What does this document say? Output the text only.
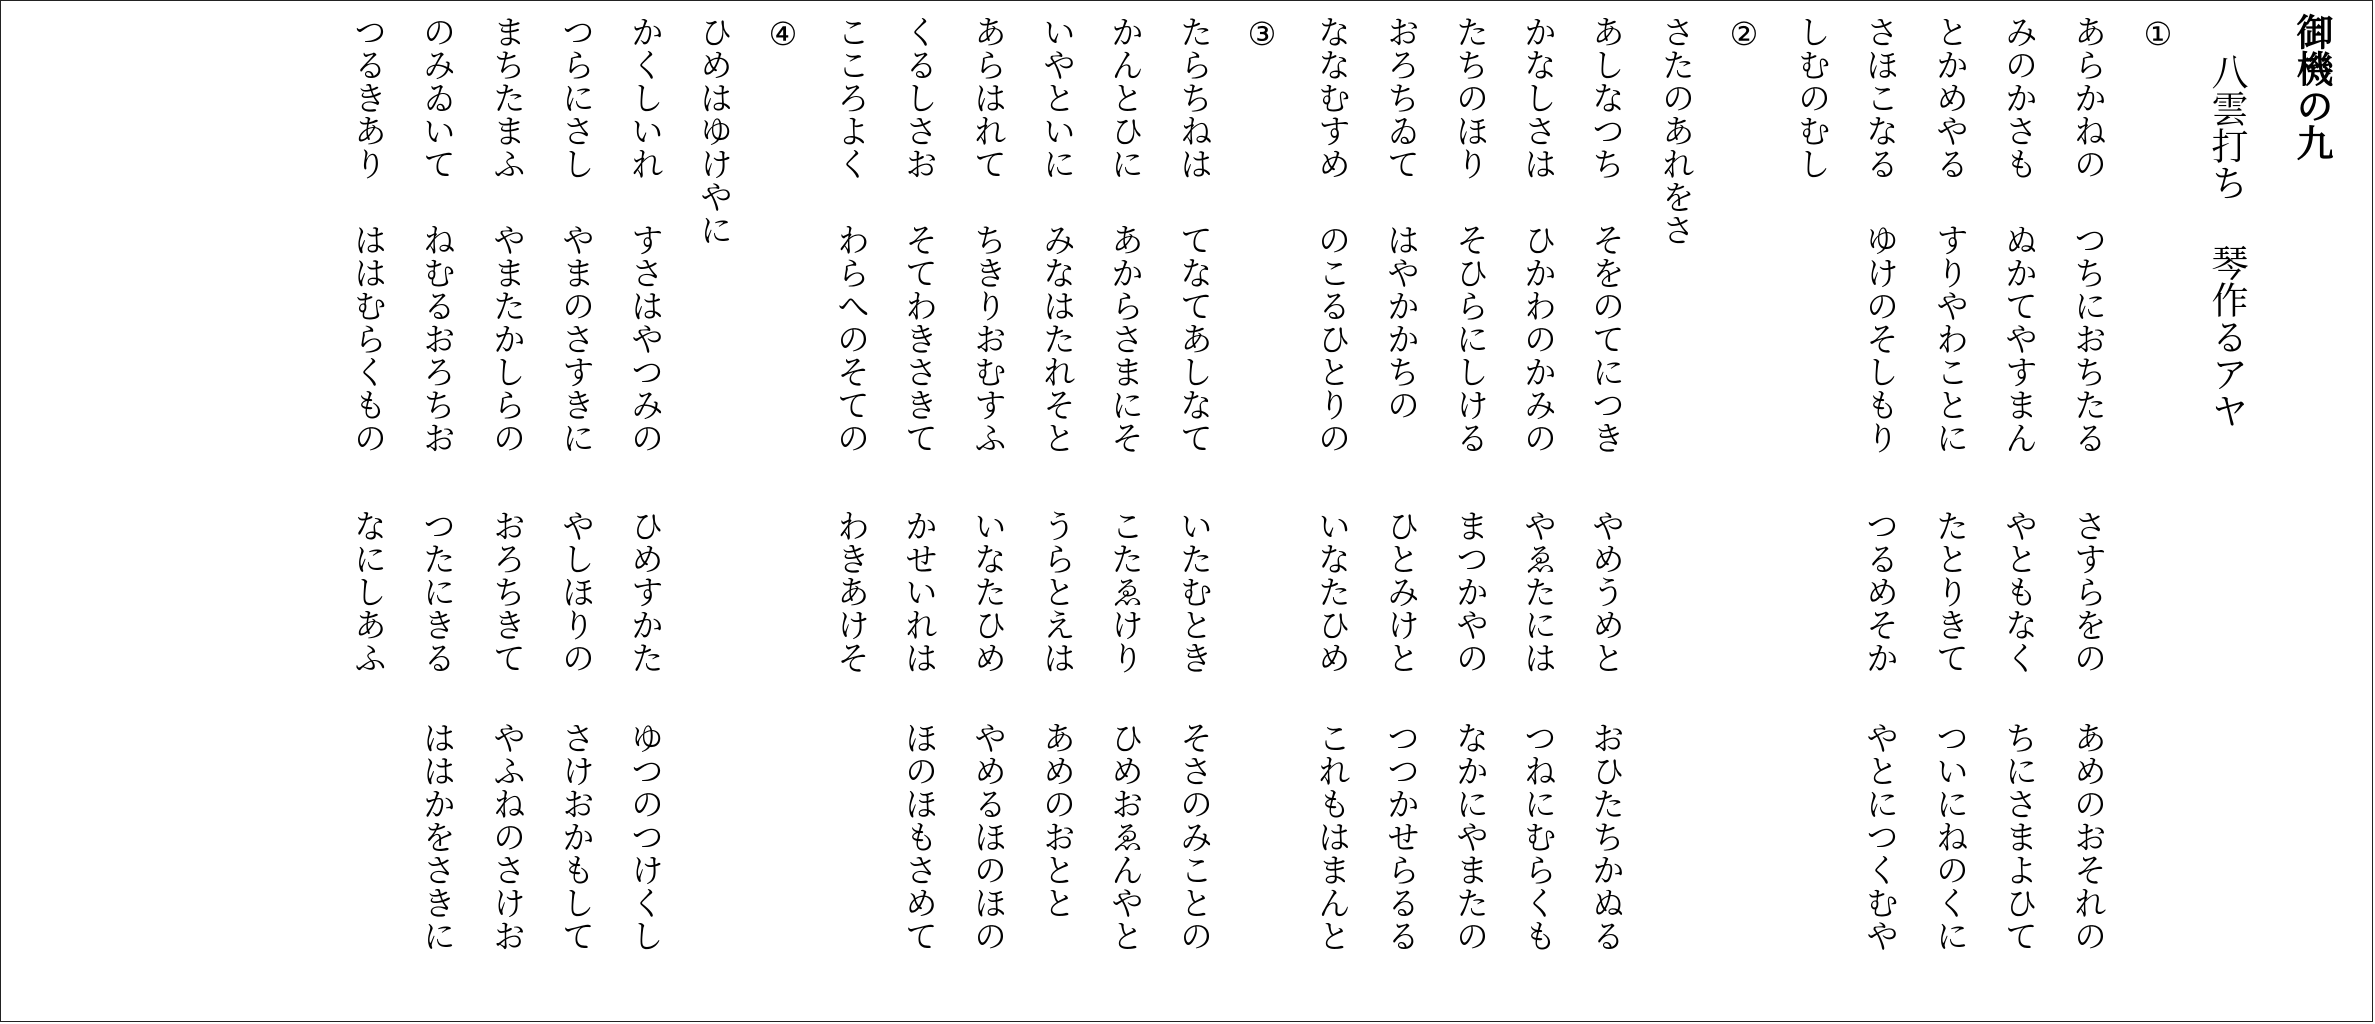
御機の九
八雲打ち 琴作るアヤ
①
②
③
④	あらかねの
つちにおちたる
さすらをの
あめのおそれの
みのかさも
ぬかてやすまん
やともなく
ちにさまよひて
とかめやる
すりやわことに
たとりきて
ついにねのくに
さほこなる
ゆけのそしもり
つるめそか
やとにつくむや
しむのむし
さたのあれをさ
あしなつち
そをのてにつき
やめうめと
おひたちかぬる
かなしさは
ひかわのかみの
やゑたには
つねにむらくも
たちのほり
そひらにしける
まつかやの
なかにやまたの
おろちゐて
はやかかちの
ひとみけと
つつかせらるる
ななむすめ
のこるひとりの
いなたひめ
これもはまんと
たらちねは
てなてあしなて
いたむとき
そさのみことの
かんとひに
あからさまにそ
こたゑけり
ひめおゑんやと
いやといに
みなはたれそと
うらとえは
あめのおとと
あらはれて
ちきりおむすふ
いなたひめ
やめるほのほの
くるしさお
そてわきさきて
かせいれは
ほのほもさめて
こころよく
わらへのそての
わきあけそ
ひめはゆけやに
かくしいれ
すさはやつみの
ひめすかた
ゆつのつけくし
つらにさし
やまのさすきに
やしほりの
さけおかもして
まちたまふ
やまたかしらの
おろちきて
やふねのさけお
のみゐいて
ねむるおろちお
つたにきる
ははかをさきに
つるきあり
ははむらくもの
なにしあふ
